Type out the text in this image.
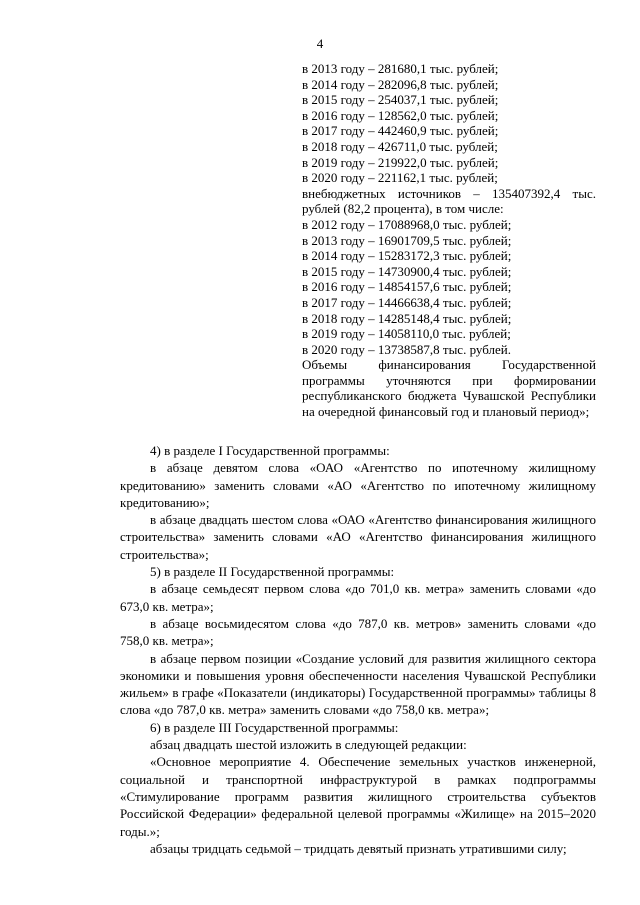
4
в 2013 году – 281680,1 тыс. рублей;
в 2014 году – 282096,8 тыс. рублей;
в 2015 году – 254037,1 тыс. рублей;
в 2016 году – 128562,0 тыс. рублей;
в 2017 году – 442460,9 тыс. рублей;
в 2018 году – 426711,0 тыс. рублей;
в 2019 году – 219922,0 тыс. рублей;
в 2020 году – 221162,1 тыс. рублей;
внебюджетных источников – 135407392,4 тыс. рублей (82,2 процента), в том числе:
в 2012 году – 17088968,0 тыс. рублей;
в 2013 году – 16901709,5 тыс. рублей;
в 2014 году – 15283172,3 тыс. рублей;
в 2015 году – 14730900,4 тыс. рублей;
в 2016 году – 14854157,6 тыс. рублей;
в 2017 году – 14466638,4 тыс. рублей;
в 2018 году – 14285148,4 тыс. рублей;
в 2019 году – 14058110,0 тыс. рублей;
в 2020 году – 13738587,8 тыс. рублей.
Объемы финансирования Государственной программы уточняются при формировании республиканского бюджета Чувашской Республики на очередной финансовый год и плановый период»;

4) в разделе I Государственной программы:

в абзаце девятом слова «ОАО «Агентство по ипотечному жилищному кредитованию» заменить словами «АО «Агентство по ипотечному жилищному кредитованию»;

в абзаце двадцать шестом слова «ОАО «Агентство финансирования жилищного строительства» заменить словами «АО «Агентство финансирования жилищного строительства»;

5) в разделе II Государственной программы:

в абзаце семьдесят первом слова «до 701,0 кв. метра» заменить словами «до 673,0 кв. метра»;

в абзаце восьмидесятом слова «до 787,0 кв. метров» заменить словами «до 758,0 кв. метра»;

в абзаце первом позиции «Создание условий для развития жилищного сектора экономики и повышения уровня обеспеченности населения Чувашской Республики жильем» в графе «Показатели (индикаторы) Государственной программы» таблицы 8 слова «до 787,0 кв. метра» заменить словами «до 758,0 кв. метра»;

6) в разделе III Государственной программы:

абзац двадцать шестой изложить в следующей редакции:

«Основное мероприятие 4. Обеспечение земельных участков инженерной, социальной и транспортной инфраструктурой в рамках подпрограммы «Стимулирование программ развития жилищного строительства субъектов Российской Федерации» федеральной целевой программы «Жилище» на 2015–2020 годы.»;

абзацы тридцать седьмой – тридцать девятый признать утратившими силу;
